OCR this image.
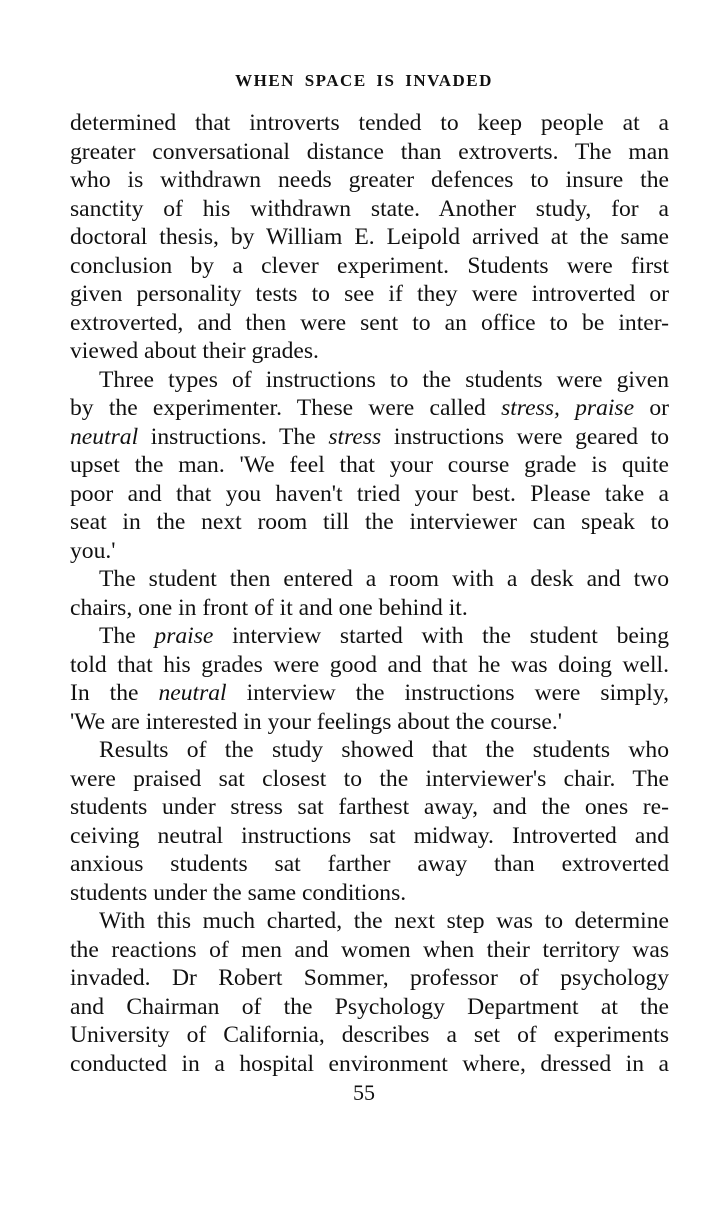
WHEN SPACE IS INVADED
determined that introverts tended to keep people at a
greater conversational distance than extroverts. The man
who is withdrawn needs greater defences to insure the
sanctity of his withdrawn state. Another study, for a
doctoral thesis, by William E. Leipold arrived at the same
conclusion by a clever experiment. Students were first
given personality tests to see if they were introverted or
extroverted, and then were sent to an office to be inter-
viewed about their grades.
Three types of instructions to the students were given
by the experimenter. These were called stress, praise or
neutral instructions. The stress instructions were geared to
upset the man. 'We feel that your course grade is quite
poor and that you haven't tried your best. Please take a
seat in the next room till the interviewer can speak to
you.'
The student then entered a room with a desk and two
chairs, one in front of it and one behind it.
The praise interview started with the student being
told that his grades were good and that he was doing well.
In the neutral interview the instructions were simply,
'We are interested in your feelings about the course.'
Results of the study showed that the students who
were praised sat closest to the interviewer's chair. The
students under stress sat farthest away, and the ones re-
ceiving neutral instructions sat midway. Introverted and
anxious students sat farther away than extroverted
students under the same conditions.
With this much charted, the next step was to determine
the reactions of men and women when their territory was
invaded. Dr Robert Sommer, professor of psychology
and Chairman of the Psychology Department at the
University of California, describes a set of experiments
conducted in a hospital environment where, dressed in a
55
